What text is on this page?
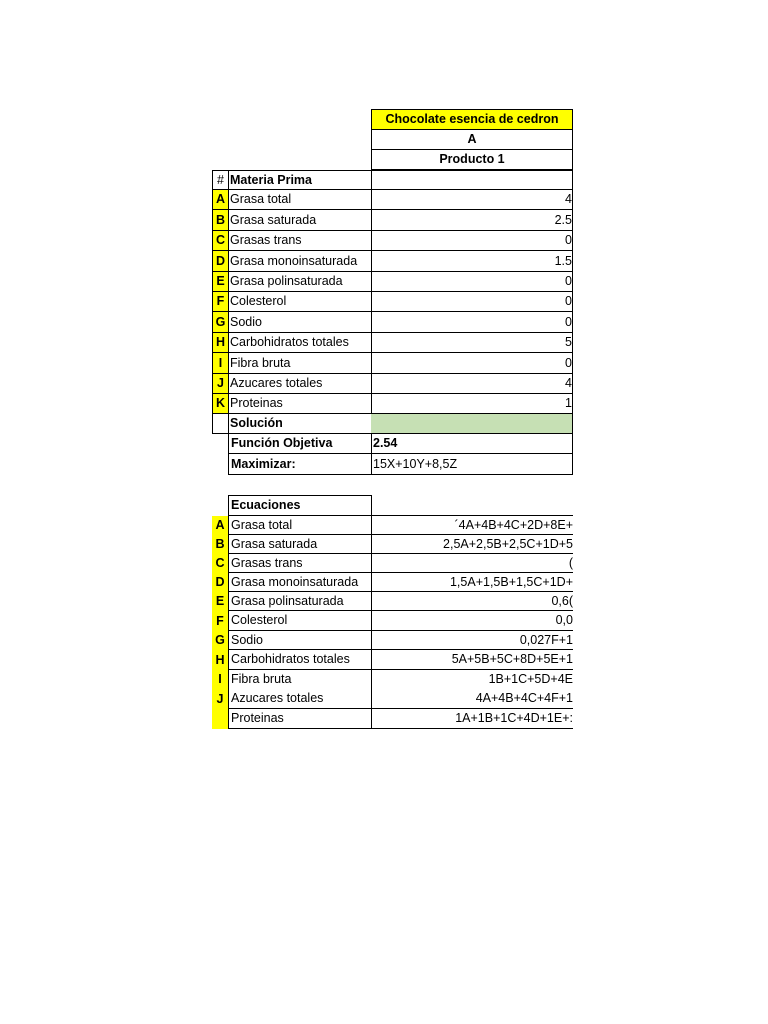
Chocolate esencia de cedron
A
Producto 1
# Materia Prima
A Grasa total	4
B Grasa saturada	2.5
C Grasas trans	0
D Grasa monoinsaturada	1.5
E Grasa polinsaturada	0
F Colesterol	0
G Sodio	0
H Carbohidratos totales	5
I Fibra bruta	0
J Azucares totales	4
K Proteinas	1
Solución
Función Objetiva	2.54
Maximizar:	15X+10Y+8,5Z
Ecuaciones
A Grasa total	´4A+4B+4C+2D+8E+
B Grasa saturada	2,5A+2,5B+2,5C+1D+5
C Grasas trans	(
D Grasa monoinsaturada	1,5A+1,5B+1,5C+1D+
E Grasa polinsaturada	0,6(
F Colesterol	0,0
G Sodio	0,027F+1
H Carbohidratos totales	5A+5B+5C+8D+5E+1
I Fibra bruta	1B+1C+5D+4E
J Azucares totales	4A+4B+4C+4F+1
Proteinas	1A+1B+1C+4D+1E+:
